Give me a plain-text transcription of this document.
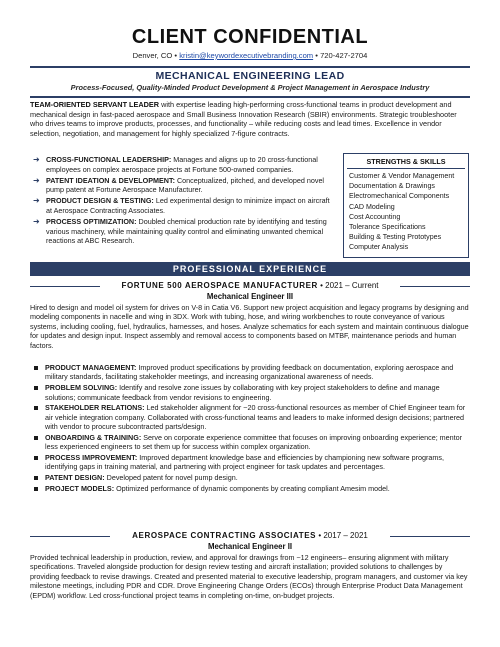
CLIENT CONFIDENTIAL
Denver, CO • kristin@keywordexecutivebranding.com • 720-427-2704
MECHANICAL ENGINEERING LEAD
Process-Focused, Quality-Minded Product Development & Project Management in Aerospace Industry
TEAM-ORIENTED SERVANT LEADER with expertise leading high-performing cross-functional teams in product development and mechanical design in fast-paced aerospace and Small Business Innovation Research (SBIR) environments. Strategic troubleshooter who drives teams to improve products, processes, and functionality – while reducing costs and lead times. Excellence in vendor selection, negotiation, and management for highly specialized 7-figure contracts.
➜ CROSS-FUNCTIONAL LEADERSHIP: Manages and aligns up to 20 cross-functional employees on complex aerospace projects at Fortune 500-owned companies.
➜ PATENT IDEATION & DEVELOPMENT: Conceptualized, pitched, and developed novel pump patent at Fortune Aerospace Manufacturer.
➜ PRODUCT DESIGN & TESTING: Led experimental design to minimize impact on aircraft at Aerospace Contracting Associates.
➜ PROCESS OPTIMIZATION: Doubled chemical production rate by identifying and testing various machinery, while maintaining quality control and eliminating unwanted chemical reactions at ABC Research.
STRENGTHS & SKILLS
Customer & Vendor Management
Documentation & Drawings
Electromechanical Components
CAD Modeling
Cost Accounting
Tolerance Specifications
Building & Testing Prototypes
Computer Analysis
PROFESSIONAL EXPERIENCE
FORTUNE 500 AEROSPACE MANUFACTURER • 2021 – Current
Mechanical Engineer III
Hired to design and model oil system for drives on V-8 in Catia V6. Support new project acquisition and legacy programs by designing and modeling components in nacelle and wing in 3DX. Work with tubing, hose, and wiring workbenches to route conveyance of various systems, including cooling, fuel, hydraulics, harnesses, and hoses. Analyze schematics for each system and maintain continuous dialogue for updates and design input. Inspect assembly and removal access to components based on MTBF, maintenance periods and human factors.
PRODUCT MANAGEMENT: Improved product specifications by providing feedback on documentation, exploring aerospace and military standards, facilitating stakeholder meetings, and increasing organizational awareness of needs.
PROBLEM SOLVING: Identify and resolve zone issues by collaborating with key project stakeholders to define and manage solutions; communicate feedback from vendor revisions to engineering.
STAKEHOLDER RELATIONS: Led stakeholder alignment for ~20 cross-functional resources as member of Chief Engineer team for air vehicle integration company. Collaborated with cross-functional teams and leaders to make informed design decisions; partnered with vendor to procure subcontracted parts/design.
ONBOARDING & TRAINING: Serve on corporate experience committee that focuses on improving onboarding experience; mentor less experienced engineers to set them up for success within complex organization.
PROCESS IMPROVEMENT: Improved department knowledge base and efficiencies by championing new software programs, identifying gaps in training material, and partnering with project engineer for task updates and percentages.
PATENT DESIGN: Developed patent for novel pump design.
PROJECT MODELS: Optimized performance of dynamic components by creating compliant Amesim model.
AEROSPACE CONTRACTING ASSOCIATES • 2017 – 2021
Mechanical Engineer II
Provided technical leadership in production, review, and approval for drawings from ~12 engineers– ensuring alignment with military specifications. Traveled alongside production for design review testing and aircraft installation; provided solutions to challenges by providing feedback to revise drawings. Created and presented material to executive leadership, program managers, and customer via key milestone meetings, including PDR and CDR. Drove Engineering Change Orders (ECOs) through Enterprise Product Data Management (EPDM) workflow. Led cross-functional project teams in completing on-time, on-budget projects.
